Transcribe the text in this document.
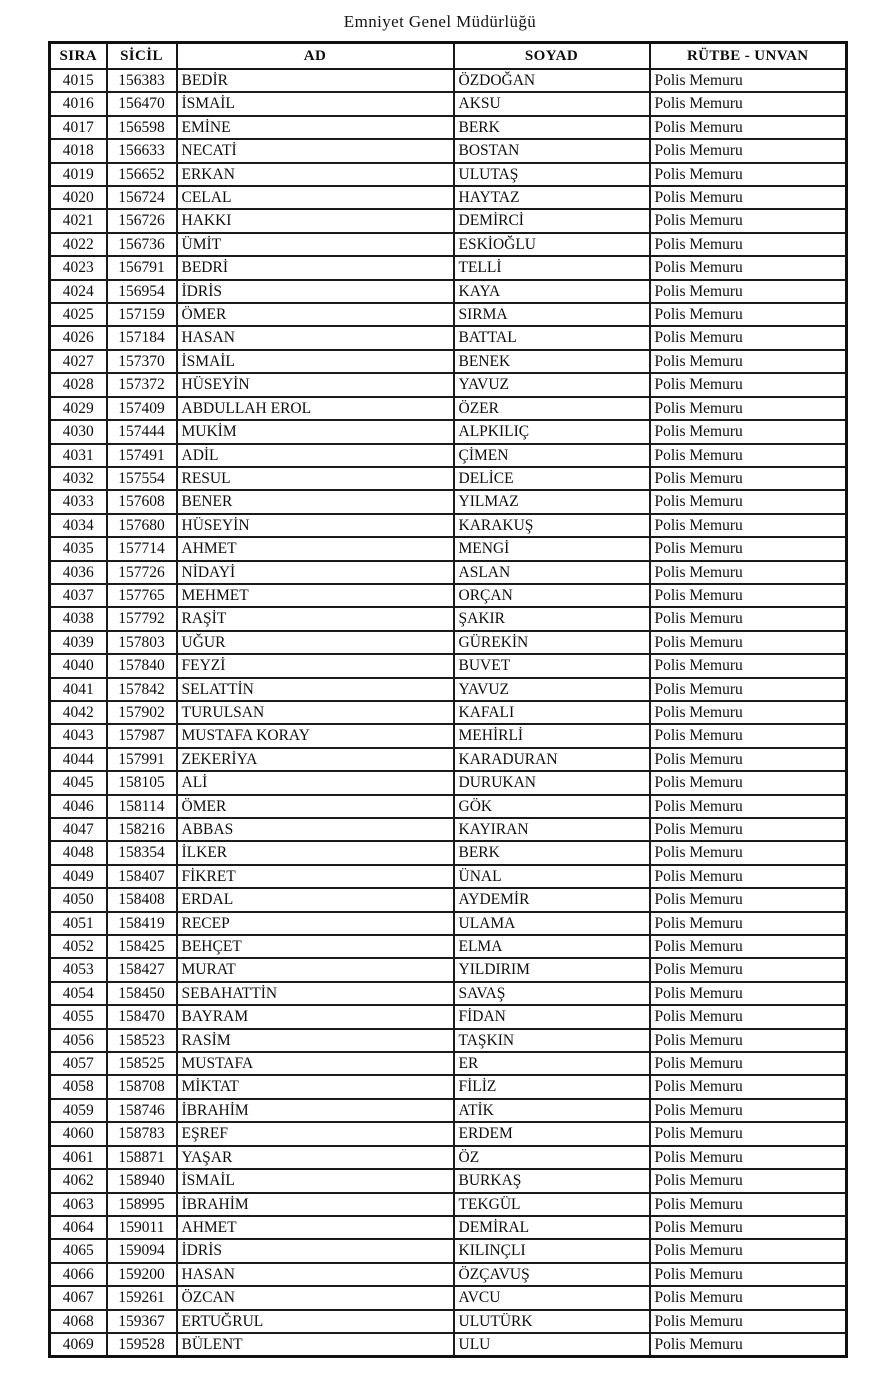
Emniyet Genel Müdürlüğü
SIRA	SİCİL	AD	SOYAD	RÜTBE - UNVAN
4015	156383	BEDİR	ÖZDOĞAN	Polis Memuru
4016	156470	İSMAİL	AKSU	Polis Memuru
4017	156598	EMİNE	BERK	Polis Memuru
4018	156633	NECATİ	BOSTAN	Polis Memuru
4019	156652	ERKAN	ULUTAŞ	Polis Memuru
4020	156724	CELAL	HAYTAZ	Polis Memuru
4021	156726	HAKKI	DEMİRCİ	Polis Memuru
4022	156736	ÜMİT	ESKİOĞLU	Polis Memuru
4023	156791	BEDRİ	TELLİ	Polis Memuru
4024	156954	İDRİS	KAYA	Polis Memuru
4025	157159	ÖMER	SIRMA	Polis Memuru
4026	157184	HASAN	BATTAL	Polis Memuru
4027	157370	İSMAİL	BENEK	Polis Memuru
4028	157372	HÜSEYİN	YAVUZ	Polis Memuru
4029	157409	ABDULLAH EROL	ÖZER	Polis Memuru
4030	157444	MUKİM	ALPKILIÇ	Polis Memuru
4031	157491	ADİL	ÇİMEN	Polis Memuru
4032	157554	RESUL	DELİCE	Polis Memuru
4033	157608	BENER	YILMAZ	Polis Memuru
4034	157680	HÜSEYİN	KARAKUŞ	Polis Memuru
4035	157714	AHMET	MENGİ	Polis Memuru
4036	157726	NİDAYİ	ASLAN	Polis Memuru
4037	157765	MEHMET	ORÇAN	Polis Memuru
4038	157792	RAŞİT	ŞAKIR	Polis Memuru
4039	157803	UĞUR	GÜREKİN	Polis Memuru
4040	157840	FEYZİ	BUVET	Polis Memuru
4041	157842	SELATTİN	YAVUZ	Polis Memuru
4042	157902	TURULSAN	KAFALI	Polis Memuru
4043	157987	MUSTAFA KORAY	MEHİRLİ	Polis Memuru
4044	157991	ZEKERİYA	KARADURAN	Polis Memuru
4045	158105	ALİ	DURUKAN	Polis Memuru
4046	158114	ÖMER	GÖK	Polis Memuru
4047	158216	ABBAS	KAYIRAN	Polis Memuru
4048	158354	İLKER	BERK	Polis Memuru
4049	158407	FİKRET	ÜNAL	Polis Memuru
4050	158408	ERDAL	AYDEMİR	Polis Memuru
4051	158419	RECEP	ULAMA	Polis Memuru
4052	158425	BEHÇET	ELMA	Polis Memuru
4053	158427	MURAT	YILDIRIM	Polis Memuru
4054	158450	SEBAHATTİN	SAVAŞ	Polis Memuru
4055	158470	BAYRAM	FİDAN	Polis Memuru
4056	158523	RASİM	TAŞKIN	Polis Memuru
4057	158525	MUSTAFA	ER	Polis Memuru
4058	158708	MİKTAT	FİLİZ	Polis Memuru
4059	158746	İBRAHİM	ATİK	Polis Memuru
4060	158783	EŞREF	ERDEM	Polis Memuru
4061	158871	YAŞAR	ÖZ	Polis Memuru
4062	158940	İSMAİL	BURKAŞ	Polis Memuru
4063	158995	İBRAHİM	TEKGÜL	Polis Memuru
4064	159011	AHMET	DEMİRAL	Polis Memuru
4065	159094	İDRİS	KILINÇLI	Polis Memuru
4066	159200	HASAN	ÖZÇAVUŞ	Polis Memuru
4067	159261	ÖZCAN	AVCU	Polis Memuru
4068	159367	ERTUĞRUL	ULUTÜRK	Polis Memuru
4069	159528	BÜLENT	ULU	Polis Memuru
